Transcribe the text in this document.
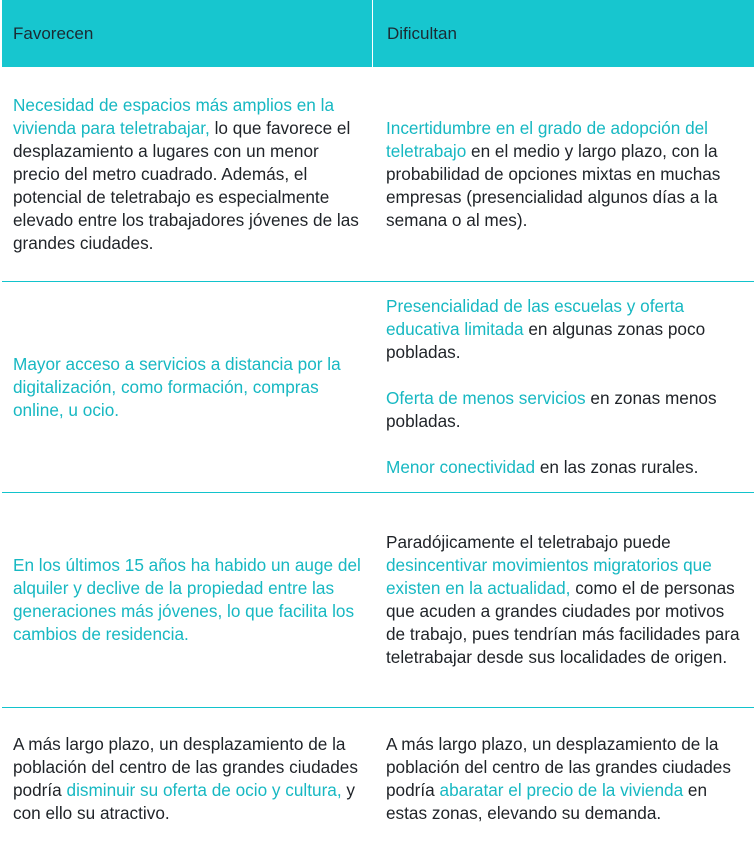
Favorecen	Dificultan
Necesidad de espacios más amplios en la vivienda para teletrabajar, lo que favorece el desplazamiento a lugares con un menor precio del metro cuadrado. Además, el potencial de teletrabajo es especialmente elevado entre los trabajadores jóvenes de las grandes ciudades.
Incertidumbre en el grado de adopción del teletrabajo en el medio y largo plazo, con la probabilidad de opciones mixtas en muchas empresas (presencialidad algunos días a la semana o al mes).
Mayor acceso a servicios a distancia por la digitalización, como formación, compras online, u ocio.
Presencialidad de las escuelas y oferta educativa limitada en algunas zonas poco pobladas.
Oferta de menos servicios en zonas menos pobladas.
Menor conectividad en las zonas rurales.
En los últimos 15 años ha habido un auge del alquiler y declive de la propiedad entre las generaciones más jóvenes, lo que facilita los cambios de residencia.
Paradójicamente el teletrabajo puede desincentivar movimientos migratorios que existen en la actualidad, como el de personas que acuden a grandes ciudades por motivos de trabajo, pues tendrían más facilidades para teletrabajar desde sus localidades de origen.
A más largo plazo, un desplazamiento de la población del centro de las grandes ciudades podría disminuir su oferta de ocio y cultura, y con ello su atractivo.
A más largo plazo, un desplazamiento de la población del centro de las grandes ciudades podría abaratar el precio de la vivienda en estas zonas, elevando su demanda.
